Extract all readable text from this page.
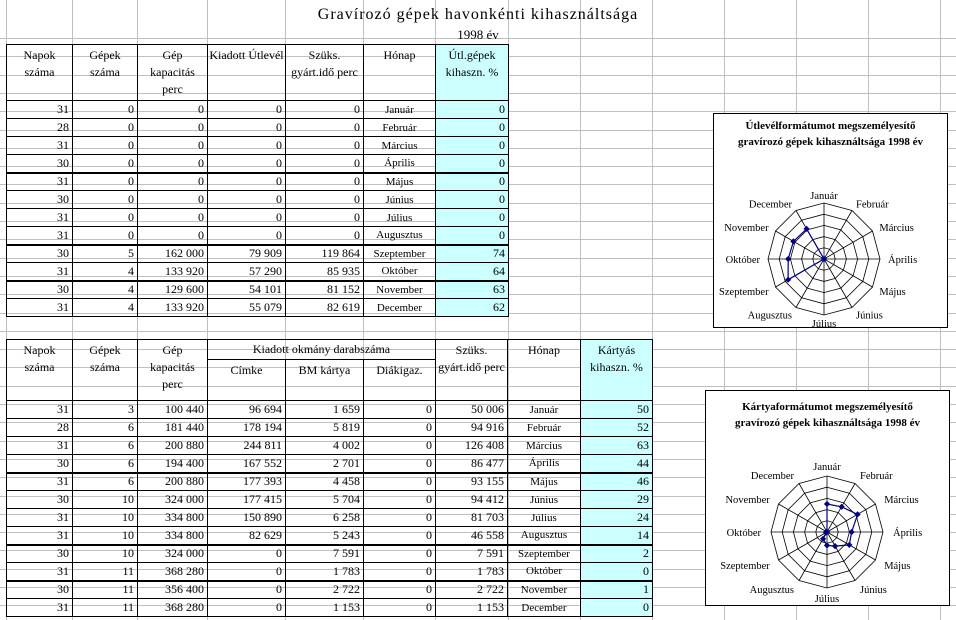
Gravírozó gépek havonkénti kihasználtsága
1998 év
Napok száma	Gépek száma	Gép kapacitás perc	Kiadott Útlevél	Szüks. gyárt.idő perc	Hónap	Útl.gépek kihaszn. %
31	0	0	0	0	Január	0
28	0	0	0	0	Február	0
31	0	0	0	0	Március	0
30	0	0	0	0	Április	0
31	0	0	0	0	Május	0
30	0	0	0	0	Június	0
31	0	0	0	0	Július	0
31	0	0	0	0	Augusztus	0
30	5	162 000	79 909	119 864	Szeptember	74
31	4	133 920	57 290	85 935	Október	64
30	4	129 600	54 101	81 152	November	63
31	4	133 920	55 079	82 619	December	62
Napok száma	Gépek száma	Gép kapacitás perc	Kiadott okmány darabszáma			Szüks. gyárt.idő perc	Hónap	Kártyás kihaszn. %
			Címke	BM kártya	Diákigaz.			
31	3	100 440	96 694	1 659	0	50 006	Január	50
28	6	181 440	178 194	5 819	0	94 916	Február	52
31	6	200 880	244 811	4 002	0	126 408	Március	63
30	6	194 400	167 552	2 701	0	86 477	Április	44
31	6	200 880	177 393	4 458	0	93 155	Május	46
30	10	324 000	177 415	5 704	0	94 412	Június	29
31	10	334 800	150 890	6 258	0	81 703	Július	24
31	10	334 800	82 629	5 243	0	46 558	Augusztus	14
30	10	324 000	0	7 591	0	7 591	Szeptember	2
31	11	368 280	0	1 783	0	1 783	Október	0
30	11	356 400	0	2 722	0	2 722	November	1
31	11	368 280	0	1 153	0	1 153	December	0
Útlevélformátumot megszemélyesítő gravírozó gépek kihasználtsága 1998 év
Január
Február
Március
Április
Május
Június
Július
Augusztus
Szeptember
Október
November
December
Kártyaformátumot megszemélyesítő gravírozó gépek kihasználtsága 1998 év
Január
Február
Március
Április
Május
Június
Július
Augusztus
Szeptember
Október
November
December
